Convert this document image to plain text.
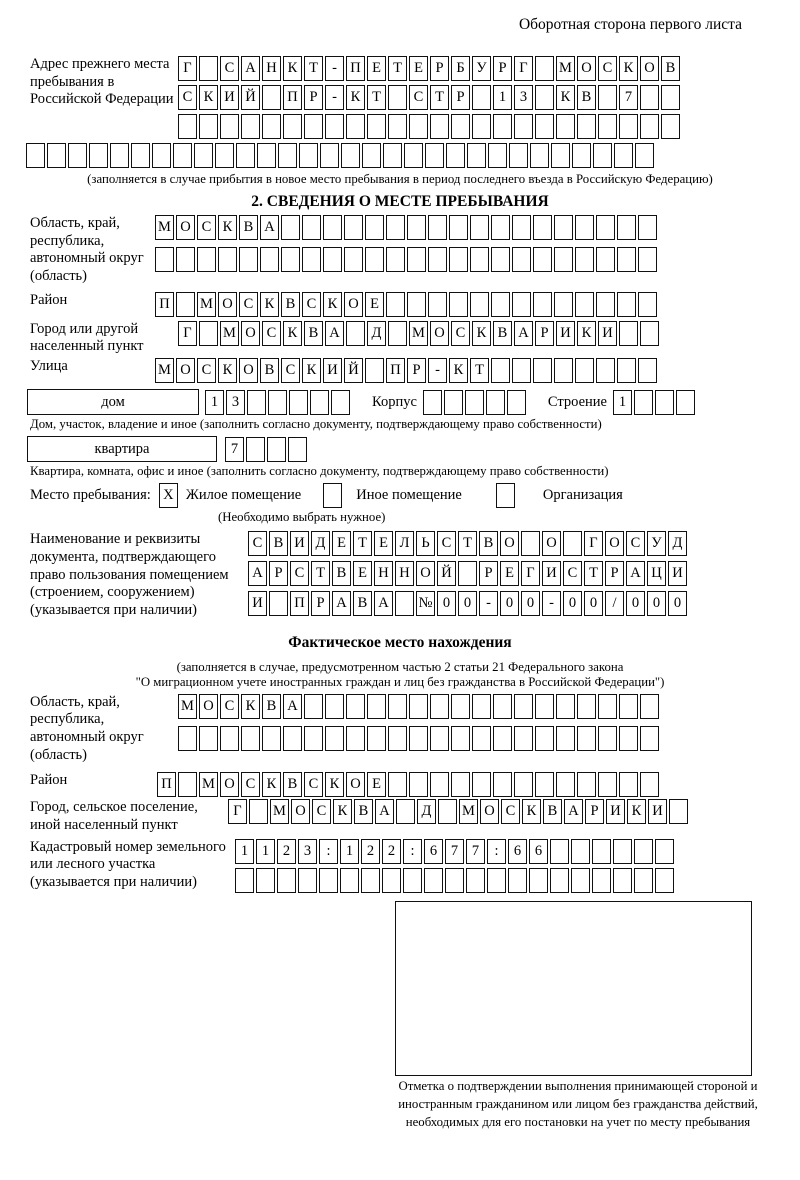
Оборотная сторона первого листа
Адрес прежнего места пребывания в Российской Федерации
Г	С А Н К Т - П Е Т Е Р Б У Р Г	М О С К О В
С К И Й П Р	- К Т	С Т Р	1 3	К В	7
(заполняется в случае прибытия в новое место пребывания в период последнего въезда в Российскую Федерацию)
2. СВЕДЕНИЯ О МЕСТЕ ПРЕБЫВАНИЯ
Область, край, республика, автономный округ (область)
М О С К В А
Район	П М О С К В С К О Е
Город или другой населенный пункт
Г	М О С К В А	Д	М О С К В А Р И К И
Улица	М О С К О В С К И Й П Р	- К Т
дом	1 3	Корпус	Строение 1
Дом, участок, владение и иное (заполнить согласно документу, подтверждающему право собственности)
квартира	7
Квартира, комната, офис и иное (заполнить согласно документу, подтверждающему право собственности)
Место пребывания: X Жилое помещение	Иное помещение	Организация
(Необходимо выбрать нужное)
Наименование и реквизиты документа, подтверждающего право пользования помещением (строением, сооружением) (указывается при наличии)
С В И Д Е Т Е Л Ь С Т В О О	Г О С У Д
А Р С Т В Е Н Н О Й	Р Е Г И С Т Р А Ц И
И П Р А В А № 0 0	-	0 0	-	0 0	/	0 0 0
Фактическое место нахождения
(заполняется в случае, предусмотренном частью 2 статьи 21 Федерального закона
"О миграционном учете иностранных граждан и лиц без гражданства в Российской Федерации")
Область, край, республика, автономный округ (область)
М О С К В А
Район	П М О С К В С К О Е
Город, сельское поселение, иной населенный пункт
Г	М О С К В А	Д	М О С К В А Р И К И
Кадастровый номер земельного или лесного участка (указывается при наличии)
1 1 2 3	:	1 2 2	:	6 7 7	:	6 6
Отметка о подтверждении выполнения принимающей стороной и иностранным гражданином или лицом без гражданства действий, необходимых для его постановки на учет по месту пребывания
